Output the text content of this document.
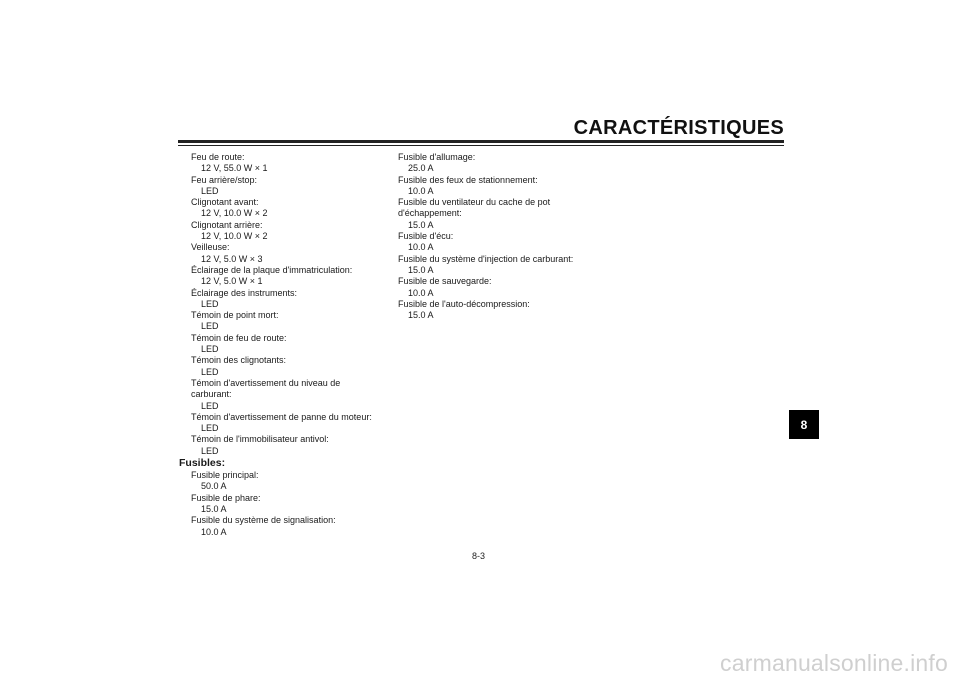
CARACTÉRISTIQUES
Feu de route:
12 V, 55.0 W × 1
Feu arrière/stop:
LED
Clignotant avant:
12 V, 10.0 W × 2
Clignotant arrière:
12 V, 10.0 W × 2
Veilleuse:
12 V, 5.0 W × 3
Éclairage de la plaque d'immatriculation:
12 V, 5.0 W × 1
Éclairage des instruments:
LED
Témoin de point mort:
LED
Témoin de feu de route:
LED
Témoin des clignotants:
LED
Témoin d'avertissement du niveau de
carburant:
LED
Témoin d'avertissement de panne du moteur:
LED
Témoin de l'immobilisateur antivol:
LED
Fusibles:
Fusible principal:
50.0 A
Fusible de phare:
15.0 A
Fusible du système de signalisation:
10.0 A
Fusible d'allumage:
25.0 A
Fusible des feux de stationnement:
10.0 A
Fusible du ventilateur du cache de pot
d'échappement:
15.0 A
Fusible d'écu:
10.0 A
Fusible du système d'injection de carburant:
15.0 A
Fusible de sauvegarde:
10.0 A
Fusible de l'auto-décompression:
15.0 A
8
8-3
carmanualsonline.info
